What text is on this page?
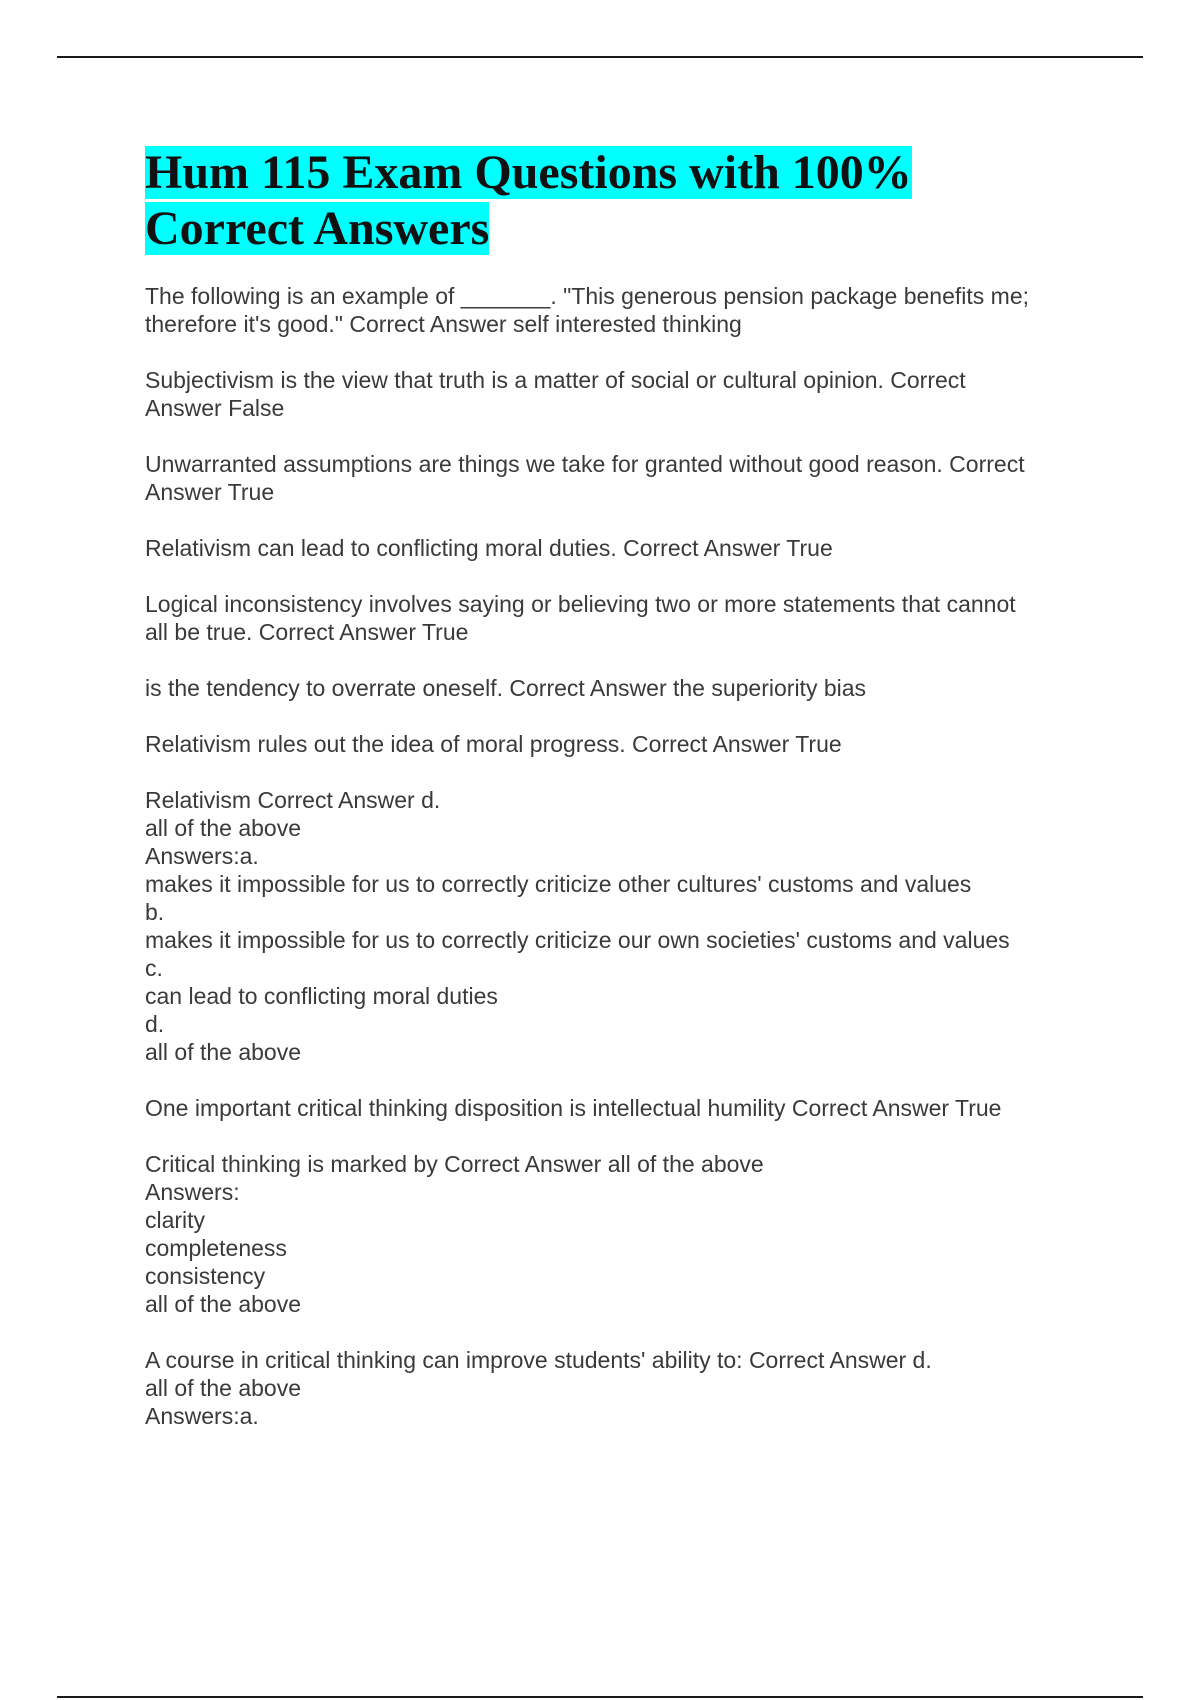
Hum 115 Exam Questions with 100%
Correct Answers

The following is an example of _______. "This generous pension package benefits me;
therefore it's good." Correct Answer self interested thinking

Subjectivism is the view that truth is a matter of social or cultural opinion. Correct
Answer False

Unwarranted assumptions are things we take for granted without good reason. Correct
Answer True

Relativism can lead to conflicting moral duties. Correct Answer True

Logical inconsistency involves saying or believing two or more statements that cannot
all be true. Correct Answer True

is the tendency to overrate oneself. Correct Answer the superiority bias

Relativism rules out the idea of moral progress. Correct Answer True

Relativism Correct Answer d.
all of the above
Answers:a.
makes it impossible for us to correctly criticize other cultures' customs and values
b.
makes it impossible for us to correctly criticize our own societies' customs and values
c.
can lead to conflicting moral duties
d.
all of the above

One important critical thinking disposition is intellectual humility Correct Answer True

Critical thinking is marked by Correct Answer all of the above
Answers:
clarity
completeness
consistency
all of the above

A course in critical thinking can improve students' ability to: Correct Answer d.
all of the above
Answers:a.
